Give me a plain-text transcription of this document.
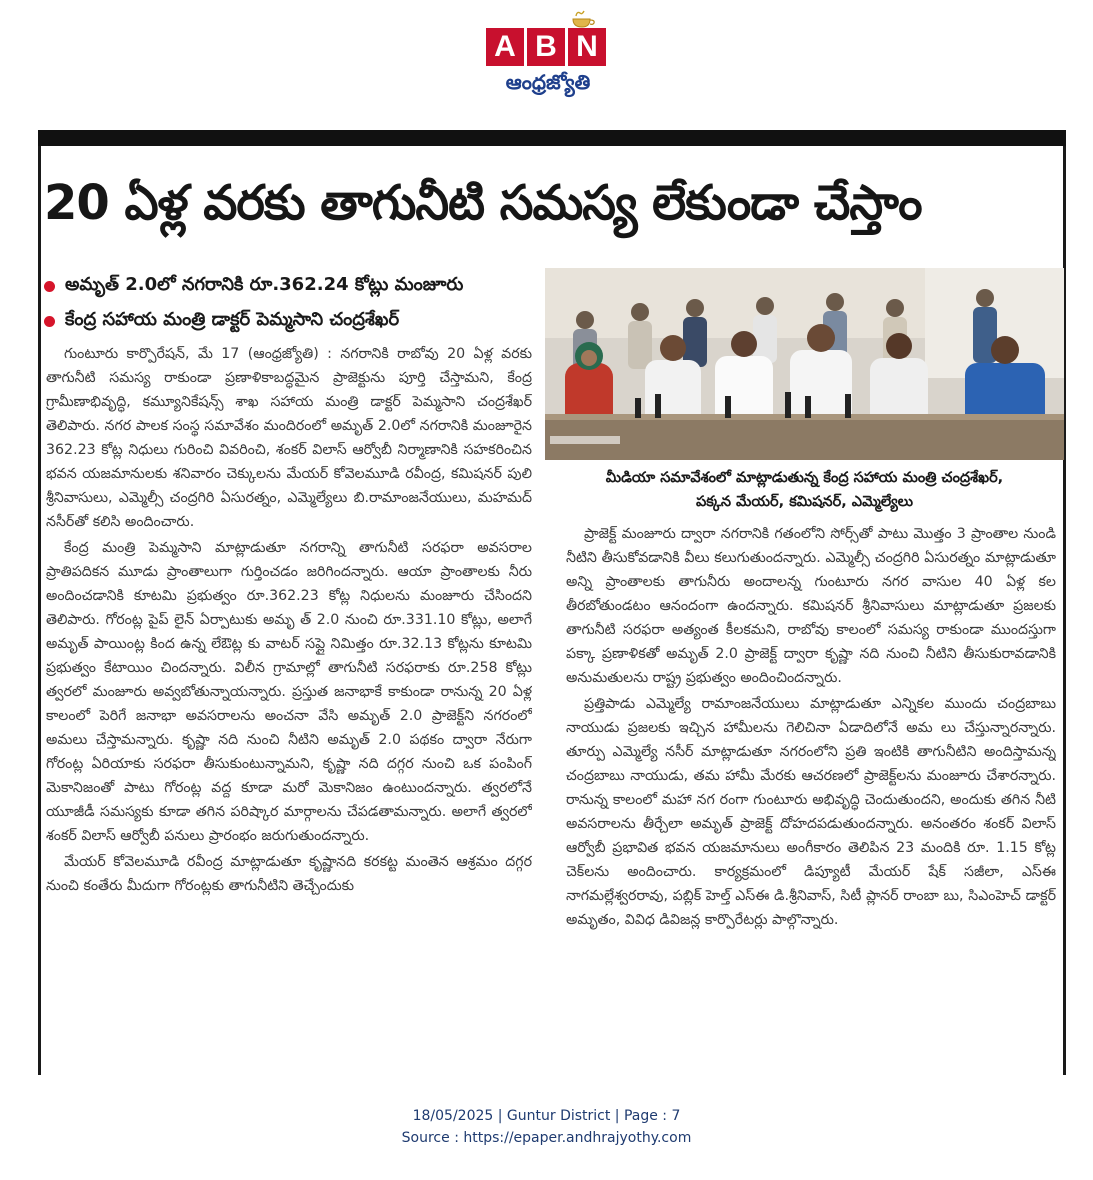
A B N
ఆంధ్రజ్యోతి
20 ఏళ్ల వరకు తాగునీటి సమస్య లేకుండా చేస్తాం
అమృత్ 2.0లో నగరానికి రూ.362.24 కోట్లు మంజూరు
కేంద్ర సహాయ మంత్రి డాక్టర్ పెమ్మసాని చంద్రశేఖర్
మీడియా సమావేశంలో మాట్లాడుతున్న కేంద్ర సహాయ మంత్రి చంద్రశేఖర్,
పక్కన మేయర్, కమిషనర్, ఎమ్మెల్యేలు

గుంటూరు కార్పొరేషన్, మే 17 (ఆంధ్రజ్యోతి) : నగరానికి రాబోవు 20 ఏళ్ల వరకు తాగునీటి సమస్య రాకుండా ప్రణాళికాబద్ధమైన ప్రాజెక్టును పూర్తి చేస్తామని, కేంద్ర గ్రామీణాభివృద్ధి, కమ్యూనికేషన్స్ శాఖ సహాయ మంత్రి డాక్టర్ పెమ్మసాని చంద్రశేఖర్ తెలిపారు. నగర పాలక సంస్థ సమావేశం మందిరంలో అమృత్ 2.0లో నగరానికి మంజూరైన 362.23 కోట్ల నిధులు గురించి వివరించి, శంకర్ విలాస్ ఆర్వోబీ నిర్మాణానికి సహకరించిన భవన యజమానులకు శనివారం చెక్కులను మేయర్ కోవెలమూడి రవీంద్ర, కమిషనర్ పులి శ్రీనివాసులు, ఎమ్మెల్సీ చంద్రగిరి ఏసురత్నం, ఎమ్మెల్యేలు బి.రామాంజనేయులు, మహమద్ నసీర్‌తో కలిసి అందించారు.

కేంద్ర మంత్రి పెమ్మసాని మాట్లాడుతూ నగరాన్ని తాగునీటి సరఫరా అవసరాల ప్రాతిపదికన మూడు ప్రాంతాలుగా గుర్తించడం జరిగిందన్నారు. ఆయా ప్రాంతాలకు నీరు అందించడానికి కూటమి ప్రభుత్వం రూ.362.23 కోట్ల నిధులను మంజూరు చేసిందని తెలిపారు. గోరంట్ల పైప్ లైన్ ఏర్పాటుకు అమృ త్ 2.0 నుంచి రూ.331.10 కోట్లు, అలాగే అమృత్ పాయింట్ల కింద ఉన్న లేఔట్ల కు వాటర్ సప్లై నిమిత్తం రూ.32.13 కోట్లను కూటమి ప్రభుత్వం కేటాయిం చిందన్నారు. విలీన గ్రామాల్లో తాగునీటి సరఫరాకు రూ.258 కోట్లు త్వరలో మంజూరు అవ్వబోతున్నాయన్నారు. ప్రస్తుత జనాభాకే కాకుండా రానున్న 20 ఏళ్ల కాలంలో పెరిగే జనాభా అవసరాలను అంచనా వేసి అమృత్ 2.0 ప్రాజెక్ట్‌ని నగరంలో అమలు చేస్తామన్నారు. కృష్ణా నది నుంచి నీటిని అమృత్ 2.0 పథకం ద్వారా నేరుగా గోరంట్ల ఏరియాకు సరఫరా తీసుకుంటున్నామని, కృష్ణా నది దగ్గర నుంచి ఒక పంపింగ్ మెకానిజంతో పాటు గోరంట్ల వద్ద కూడా మరో మెకానిజం ఉంటుందన్నారు. త్వరలోనే యూజీడీ సమస్యకు కూడా తగిన పరిష్కార మార్గాలను చేపడతామన్నారు. అలాగే త్వరలో శంకర్ విలాస్ ఆర్వోబీ పనులు ప్రారంభం జరుగుతుందన్నారు.

మేయర్ కోవెలమూడి రవీంద్ర మాట్లాడుతూ కృష్ణానది కరకట్ట మంతెన ఆశ్రమం దగ్గర నుంచి కంతేరు మీదుగా గోరంట్లకు తాగునీటిని తెచ్చేందుకు

ప్రాజెక్ట్ మంజూరు ద్వారా నగరానికి గతంలోని సోర్స్‌తో పాటు మొత్తం 3 ప్రాంతాల నుండి నీటిని తీసుకోవడానికి వీలు కలుగుతుందన్నారు. ఎమ్మెల్సీ చంద్రగిరి ఏసురత్నం మాట్లాడుతూ అన్ని ప్రాంతాలకు తాగునీరు అందాలన్న గుంటూరు నగర వాసుల 40 ఏళ్ల కల తీరబోతుండటం ఆనందంగా ఉందన్నారు. కమిషనర్ శ్రీనివాసులు మాట్లాడుతూ ప్రజలకు తాగునీటి సరఫరా అత్యంత కీలకమని, రాబోవు కాలంలో సమస్య రాకుండా ముందస్తుగా పక్కా ప్రణాళికతో అమృత్ 2.0 ప్రాజెక్ట్ ద్వారా కృష్ణా నది నుంచి నీటిని తీసుకురావడానికి అనుమతులను రాష్ట్ర ప్రభుత్వం అందించిందన్నారు.

ప్రత్తిపాడు ఎమ్మెల్యే రామాంజనేయులు మాట్లాడుతూ ఎన్నికల ముందు చంద్రబాబు నాయుడు ప్రజలకు ఇచ్చిన హామీలను గెలిచినా ఏడాదిలోనే అమ లు చేస్తున్నారన్నారు. తూర్పు ఎమ్మెల్యే నసీర్ మాట్లాడుతూ నగరంలోని ప్రతి ఇంటికి తాగునీటిని అందిస్తామన్న చంద్రబాబు నాయుడు, తమ హామీ మేరకు ఆచరణలో ప్రాజెక్ట్‌లను మంజూరు చేశారన్నారు. రానున్న కాలంలో మహా నగ రంగా గుంటూరు అభివృద్ధి చెందుతుందని, అందుకు తగిన నీటి అవసరాలను తీర్చేలా అమృత్ ప్రాజెక్ట్ దోహదపడుతుందన్నారు. అనంతరం శంకర్ విలాస్ ఆర్వోబీ ప్రభావిత భవన యజమానులు అంగీకారం తెలిపిన 23 మందికి రూ. 1.15 కోట్ల చెక్‌లను అందించారు. కార్యక్రమంలో డిప్యూటీ మేయర్ షేక్ సజీలా, ఎస్ఈ నాగమల్లేశ్వరరావు, పబ్లిక్ హెల్త్ ఎస్ఈ డి.శ్రీనివాస్, సిటీ ప్లానర్ రాంబా బు, సిఎంహెచ్ డాక్టర్ అమృతం, వివిధ డివిజన్ల కార్పొరేటర్లు పాల్గొన్నారు.

18/05/2025 | Guntur District | Page : 7
Source : https://epaper.andhrajyothy.com
